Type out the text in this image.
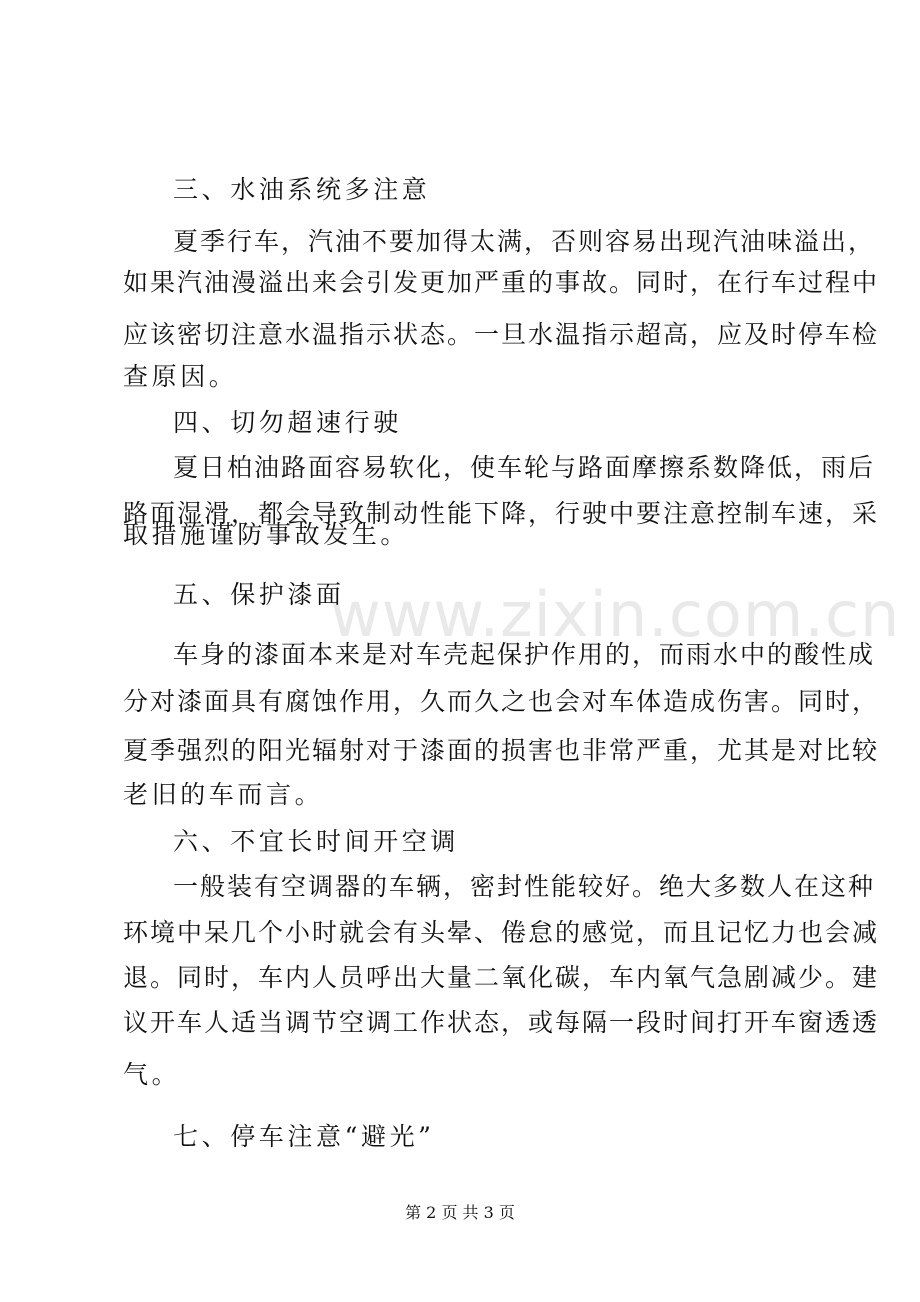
www.zixin.com.cn
三、水油系统多注意
夏季行车，汽油不要加得太满，否则容易出现汽油味溢出，
如果汽油漫溢出来会引发更加严重的事故。同时，在行车过程中
应该密切注意水温指示状态。一旦水温指示超高，应及时停车检
查原因。
四、切勿超速行驶
夏日柏油路面容易软化，使车轮与路面摩擦系数降低，雨后
路面湿滑，都会导致制动性能下降，行驶中要注意控制车速，采
取措施谨防事故发生。
五、保护漆面
车身的漆面本来是对车壳起保护作用的，而雨水中的酸性成
分对漆面具有腐蚀作用，久而久之也会对车体造成伤害。同时，
夏季强烈的阳光辐射对于漆面的损害也非常严重，尤其是对比较
老旧的车而言。
六、不宜长时间开空调
一般装有空调器的车辆，密封性能较好。绝大多数人在这种
环境中呆几个小时就会有头晕、倦怠的感觉，而且记忆力也会减
退。同时，车内人员呼出大量二氧化碳，车内氧气急剧减少。建
议开车人适当调节空调工作状态，或每隔一段时间打开车窗透透
气。
七、停车注意“避光”
第 2 页 共 3 页
